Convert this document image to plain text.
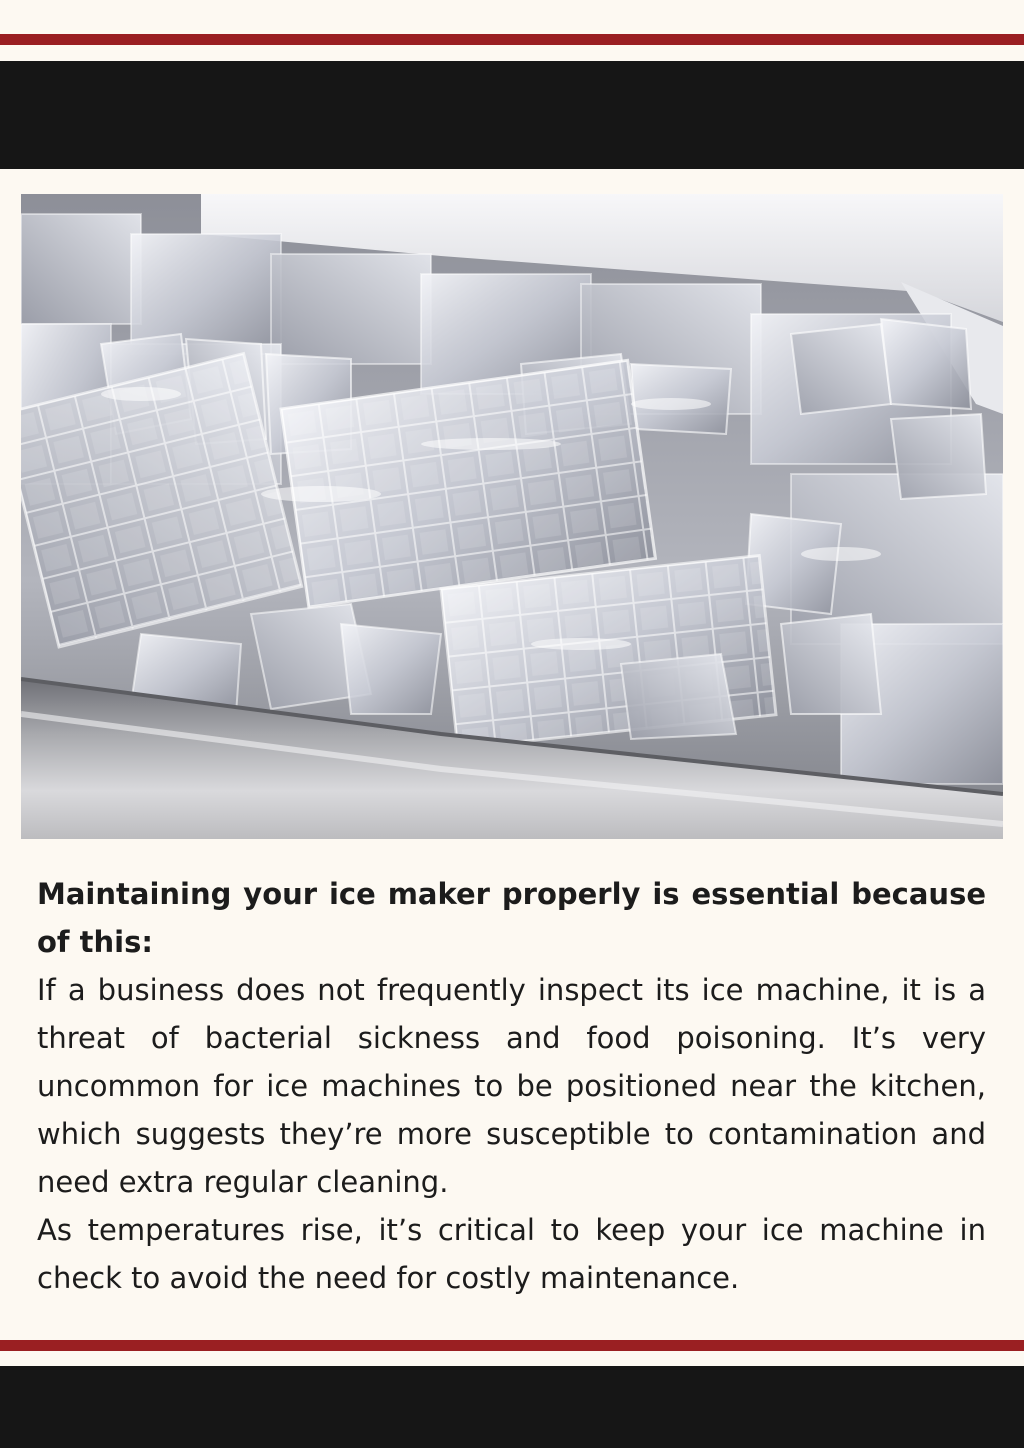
Maintaining your ice maker properly is essential because of this:

If a business does not frequently inspect its ice machine, it is a threat of bacterial sickness and food poisoning. It’s very uncommon for ice machines to be positioned near the kitchen, which suggests they’re more susceptible to contamination and need extra regular cleaning.

As temperatures rise, it’s critical to keep your ice machine in check to avoid the need for costly maintenance.
